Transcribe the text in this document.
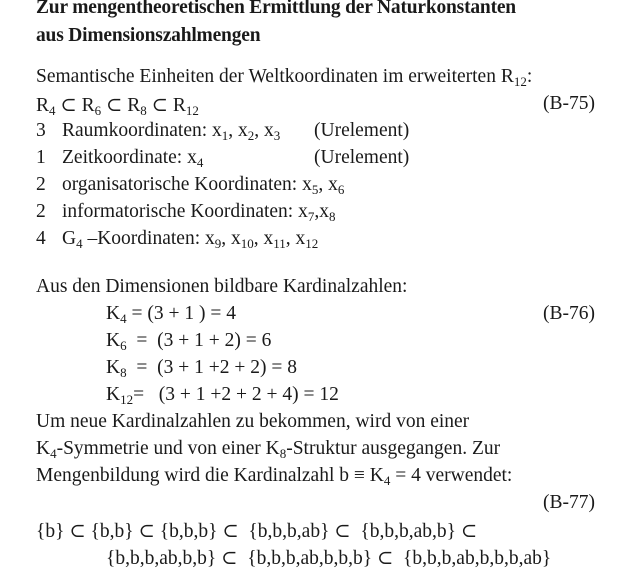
Zur mengentheoretischen Ermittlung der Naturkonstanten
aus Dimensionszahlmengen
Semantische Einheiten der Weltkoordinaten im erweiterten $R_{12}$:
$R_4$ ⊂ $R_6$ ⊂ $R_8$ ⊂ $R_{12}$	(B-75)
3 Raumkoordinaten: $x_1$, $x_2$, $x_3$ (Urelement)
1 Zeitkoordinate: $x_4$	(Urelement)
2 organisatorische Koordinaten: $x_5$, $x_6$
2 informatorische Koordinaten: $x_7,x_8$
4 $G_4$ –Koordinaten: $x_9$, $x_{10}$, $x_{11}$, $x_{12}$
Aus den Dimensionen bildbare Kardinalzahlen:
(B-76)
$K_4 = (3 + 1$ ) = 4
$K_6 = (3 + 1 + 2) = 6$
$K_8 = (3 + 1 +2 + 2) = 8$
$K_{12}= (3 + 1 +2 + 2 + 4) = 12$
Um neue Kardinalzahlen zu bekommen, wird von einer
$K_4$-Symmetrie und von einer $K_8$-Struktur ausgegangen. Zur
Mengenbildung wird die Kardinalzahl $b \equiv K_4 = 4$ verwendet:
(B-77)
{b} ⊂ {b,b} ⊂ {b,b,b} ⊂  {b,b,b,ab} ⊂  {b,b,b,ab,b} ⊂
{b,b,b,ab,b,b} ⊂  {b,b,b,ab,b,b,b} ⊂  {b,b,b,ab,b,b,b,ab}
